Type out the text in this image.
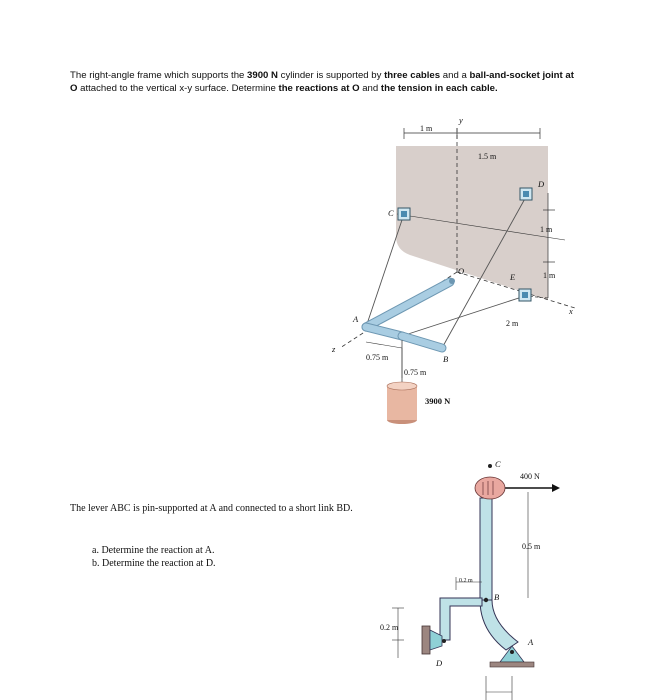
The right-angle frame which supports the 3900 N cylinder is supported by three cables and a ball-and-socket joint at O attached to the vertical x-y surface. Determine the reactions at O and the tension in each cable.
1 m
1.5 m
y
x
z
1 m
1 m
C
D
E
2 m
O
A
B
0.75 m
0.75 m
3900 N
The lever ABC is pin-supported at A and connected to a short link BD.
a. Determine the reaction at A.
b. Determine the reaction at D.
400 N
0.5 m
C
B
0.2 m
D
0.2 m
A
